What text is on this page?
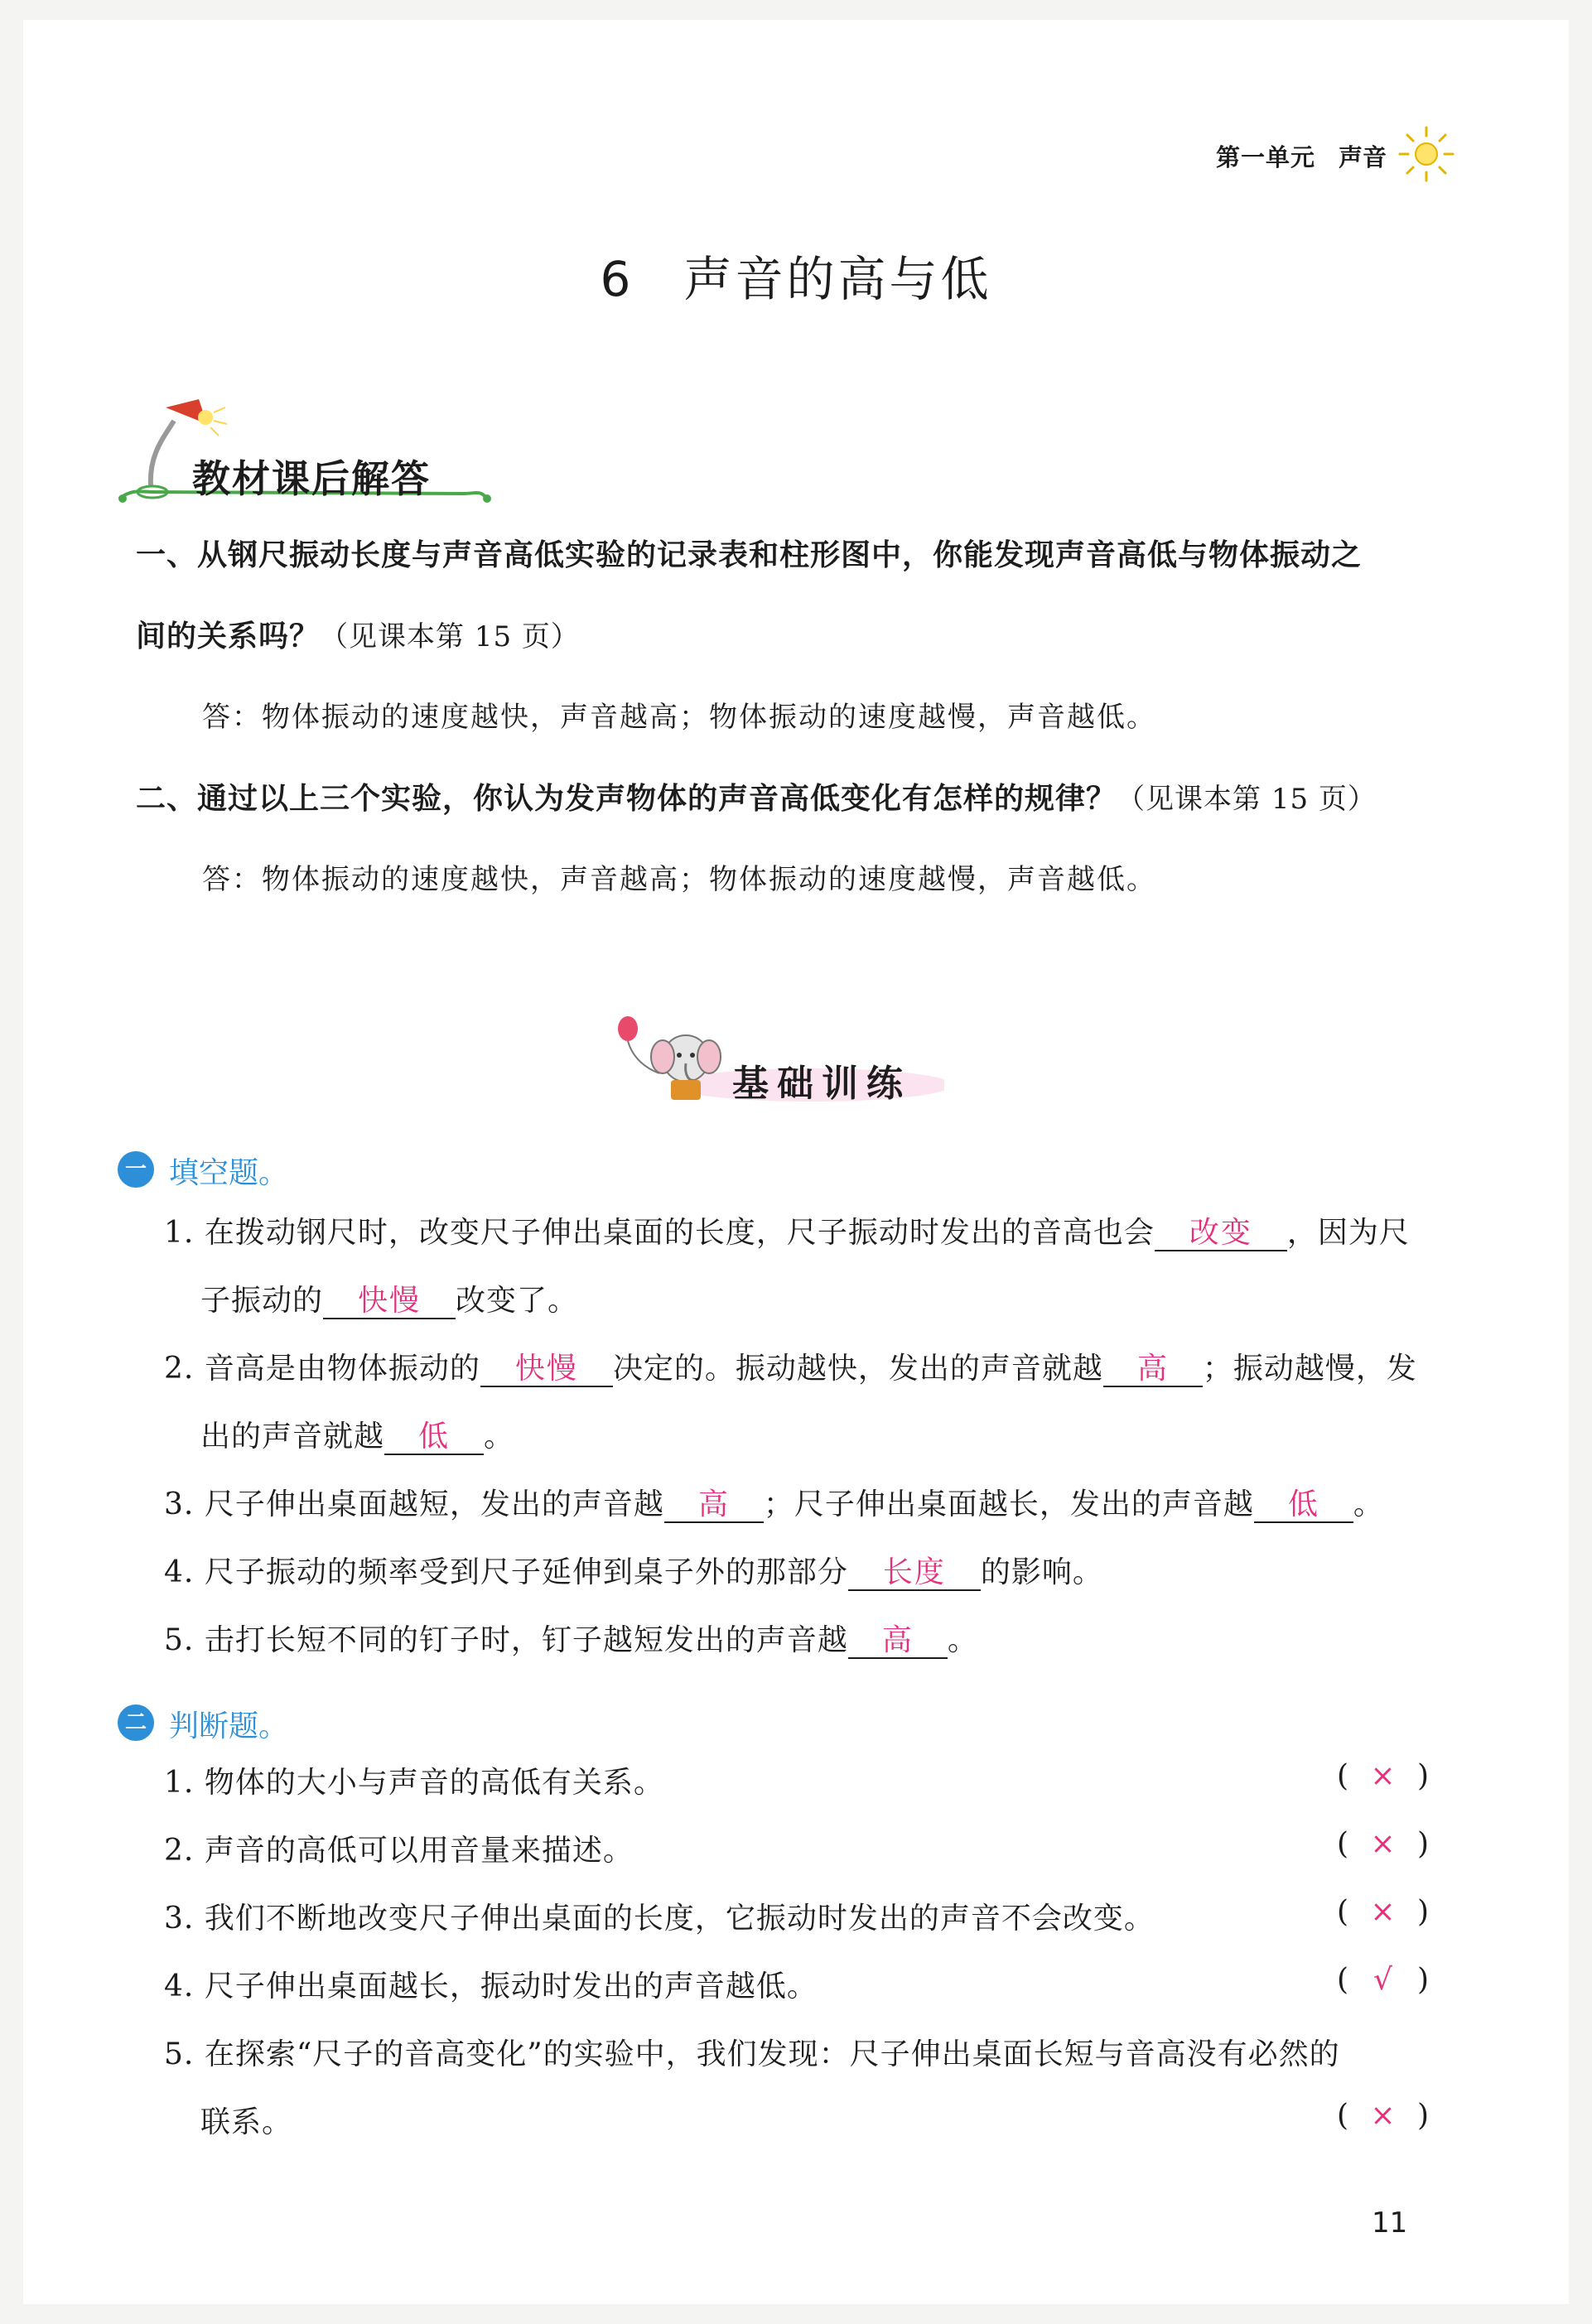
第一单元 声音
6 声音的高与低
教材课后解答
一、从钢尺振动长度与声音高低实验的记录表和柱形图中，你能发现声音高低与物体振动之
间的关系吗？（见课本第 15 页）
答：物体振动的速度越快，声音越高；物体振动的速度越慢，声音越低。
二、通过以上三个实验，你认为发声物体的声音高低变化有怎样的规律？（见课本第 15 页）
答：物体振动的速度越快，声音越高；物体振动的速度越慢，声音越低。
基础训练
一 填空题。
1. 在拨动钢尺时，改变尺子伸出桌面的长度，尺子振动时发出的音高也会 改变 ，因为尺
子振动的 快慢 改变了。
2. 音高是由物体振动的 快慢 决定的。振动越快，发出的声音就越 高 ；振动越慢，发
出的声音就越 低 。
3. 尺子伸出桌面越短，发出的声音越 高 ；尺子伸出桌面越长，发出的声音越 低 。
4. 尺子振动的频率受到尺子延伸到桌子外的那部分 长度 的影响。
5. 击打长短不同的钉子时，钉子越短发出的声音越 高 。
二 判断题。
1. 物体的大小与声音的高低有关系。	( × )
2. 声音的高低可以用音量来描述。	( × )
3. 我们不断地改变尺子伸出桌面的长度，它振动时发出的声音不会改变。	( × )
4. 尺子伸出桌面越长，振动时发出的声音越低。	( √ )
5. 在探索“尺子的音高变化”的实验中，我们发现：尺子伸出桌面长短与音高没有必然的
联系。	( × )
11
